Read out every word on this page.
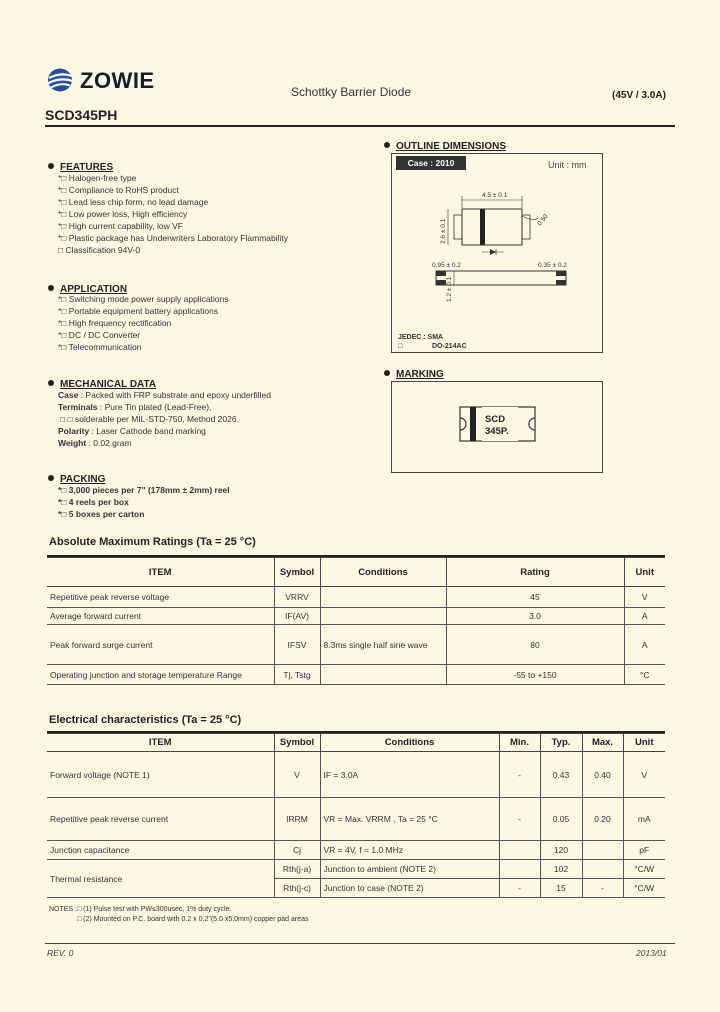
ZOWIE	Schottky Barrier Diode	(45V / 3.0A)
SCD345PH
FEATURES
*□ Halogen-free type
*□ Compliance to RoHS product
*□ Lead less chip form, no lead damage
*□ Low power loss, High efficiency
*□ High current capability, low VF
*□ Plastic package has Underwriters Laboratory Flammability
□ Classification 94V-0
APPLICATION
*□ Switching mode power supply applications
*□ Portable equipment battery applications
*□ High frequency rectification
*□ DC / DC Converter
*□ Telecommunication
MECHANICAL DATA
Case : Packed with FRP substrate and epoxy underfilled
Terminals : Pure Tin plated (Lead-Free),
□ □ solderable per MIL-STD-750, Method 2026.
Polarity : Laser Cathode band marking
Weight : 0.02 gram
PACKING
*□ 3,000 pieces per 7" (178mm ± 2mm) reel
*□ 4 reels per box
*□ 5 boxes per carton
OUTLINE DIMENSIONS
Case : 2010	Unit : mm
4.5 ± 0.1
2.6 ± 0.1	0.50
0.95 ± 0.2	0.35 ± 0.2
1.2 ± 0.1
JEDEC : SMA
□	DO-214AC
MARKING
SCD
345P.
Absolute Maximum Ratings (Ta = 25 °C)
ITEM	Symbol	Conditions	Rating	Unit
Repetitive peak reverse voltage	VRRV		45	V
Average forward current	IF(AV)		3.0	A
Peak forward surge current	IFSV	8.3ms single half sine wave	80	A
Operating junction and storage temperature Range	Tj, Tstg		-55 to +150	°C
Electrical characteristics (Ta = 25 °C)
ITEM	Symbol	Conditions	Min.	Typ.	Max.	Unit
Forward voltage (NOTE 1)	V	IF = 3.0A	-	0.43	0.40	V
Repetitive peak reverse current	IRRM	VR = Max. VRRM , Ta = 25 °C	-	0.05	0.20	mA
Junction capacitance	Cj	VR = 4V, f = 1.0 MHz		120		pF
Thermal resistance	Rth(j-a)	Junction to ambient (NOTE 2)		102		°C/W
	Rth(j-c)	Junction to case (NOTE 2)	-	15	-	°C/W
NOTES :□ (1) Pulse test with PW≤300usec, 1% duty cycle.
□ (2) Mounted on P.C. board with 0.2 x 0.2"(5.0 x5.0mm) copper pad areas
REV. 0	2013/01
